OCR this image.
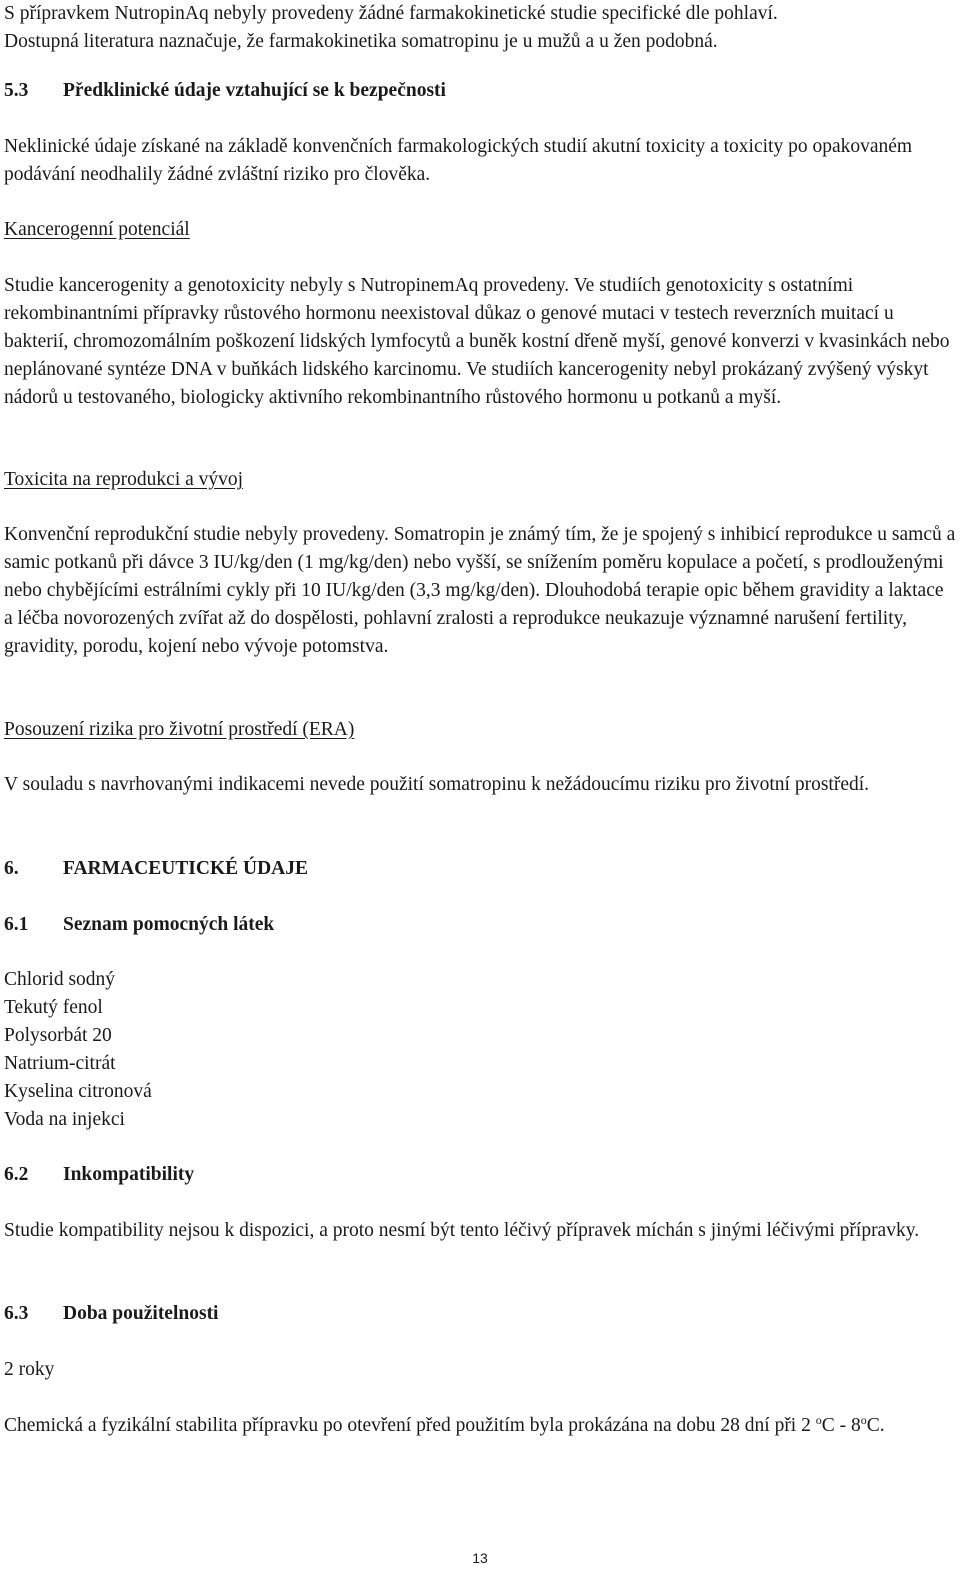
S přípravkem NutropinAq nebyly provedeny žádné farmakokinetické studie specifické dle pohlaví.

Dostupná literatura naznačuje, že farmakokinetika somatropinu je u mužů a u žen podobná.

5.3 Předklinické údaje vztahující se k bezpečnosti

Neklinické údaje získané na základě konvenčních farmakologických studií akutní toxicity a toxicity po opakovaném podávání neodhalily žádné zvláštní riziko pro člověka.

Kancerogenní potenciál

Studie kancerogenity a genotoxicity nebyly s NutropinemAq provedeny. Ve studiích genotoxicity s ostatními rekombinantními přípravky růstového hormonu neexistoval důkaz o genové mutaci v testech reverzních muitací u bakterií, chromozomálním poškození lidských lymfocytů a buněk kostní dřeně myší, genové konverzi v kvasinkách nebo neplánované syntéze DNA v buňkách lidského karcinomu. Ve studiích kancerogenity nebyl prokázaný zvýšený výskyt nádorů u testovaného, biologicky aktivního rekombinantního růstového hormonu u potkanů a myší.

Toxicita na reprodukci a vývoj

Konvenční reprodukční studie nebyly provedeny. Somatropin je známý tím, že je spojený s inhibicí reprodukce u samců a samic potkanů při dávce 3 IU/kg/den (1 mg/kg/den) nebo vyšší, se snížením poměru kopulace a početí, s prodlouženými nebo chybějícími estrálními cykly při 10 IU/kg/den (3,3 mg/kg/den). Dlouhodobá terapie opic během gravidity a laktace a léčba novorozených zvířat až do dospělosti, pohlavní zralosti a reprodukce neukazuje významné narušení fertility, gravidity, porodu, kojení nebo vývoje potomstva.

Posouzení rizika pro životní prostředí (ERA)

V souladu s navrhovanými indikacemi nevede použití somatropinu k nežádoucímu riziku pro životní prostředí.

6. FARMACEUTICKÉ ÚDAJE
6.1 Seznam pomocných látek

Chlorid sodný

Tekutý fenol

Polysorbát 20

Natrium-citrát

Kyselina citronová

Voda na injekci

6.2 Inkompatibility

Studie kompatibility nejsou k dispozici, a proto nesmí být tento léčivý přípravek míchán s jinými léčivými přípravky.

6.3 Doba použitelnosti

2 roky

Chemická a fyzikální stabilita přípravku po otevření před použitím byla prokázána na dobu 28 dní při 2 $^o$C - 8$^o$C.

13
